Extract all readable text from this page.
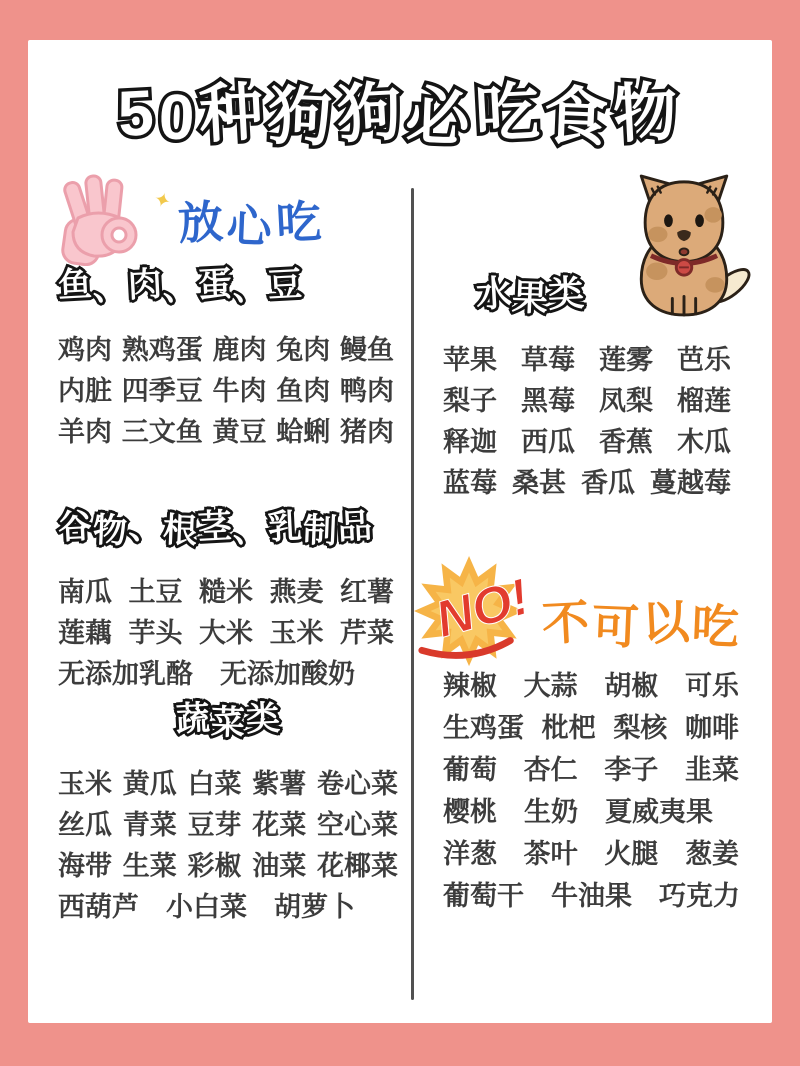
50种狗狗必吃食物
✦ 放心吃
鱼、肉、蛋、豆
鸡肉 熟鸡蛋 鹿肉 兔肉 鳗鱼
内脏 四季豆 牛肉 鱼肉 鸭肉
羊肉 三文鱼 黄豆 蛤蜊 猪肉
谷物、根茎、乳制品
南瓜 土豆 糙米 燕麦 红薯
莲藕 芋头 大米 玉米 芹菜
无添加乳酪 无添加酸奶
蔬菜类
玉米 黄瓜 白菜 紫薯 卷心菜
丝瓜 青菜 豆芽 花菜 空心菜
海带 生菜 彩椒 油菜 花椰菜
西葫芦 小白菜 胡萝卜
水果类
苹果 草莓 莲雾 芭乐
梨子 黑莓 凤梨 榴莲
释迦 西瓜 香蕉 木瓜
蓝莓 桑甚 香瓜 蔓越莓
NO! 不可以吃
辣椒 大蒜 胡椒 可乐
生鸡蛋 枇杷 梨核 咖啡
葡萄 杏仁 李子 韭菜
樱桃 生奶 夏威夷果
洋葱 茶叶 火腿 葱姜
葡萄干 牛油果 巧克力
